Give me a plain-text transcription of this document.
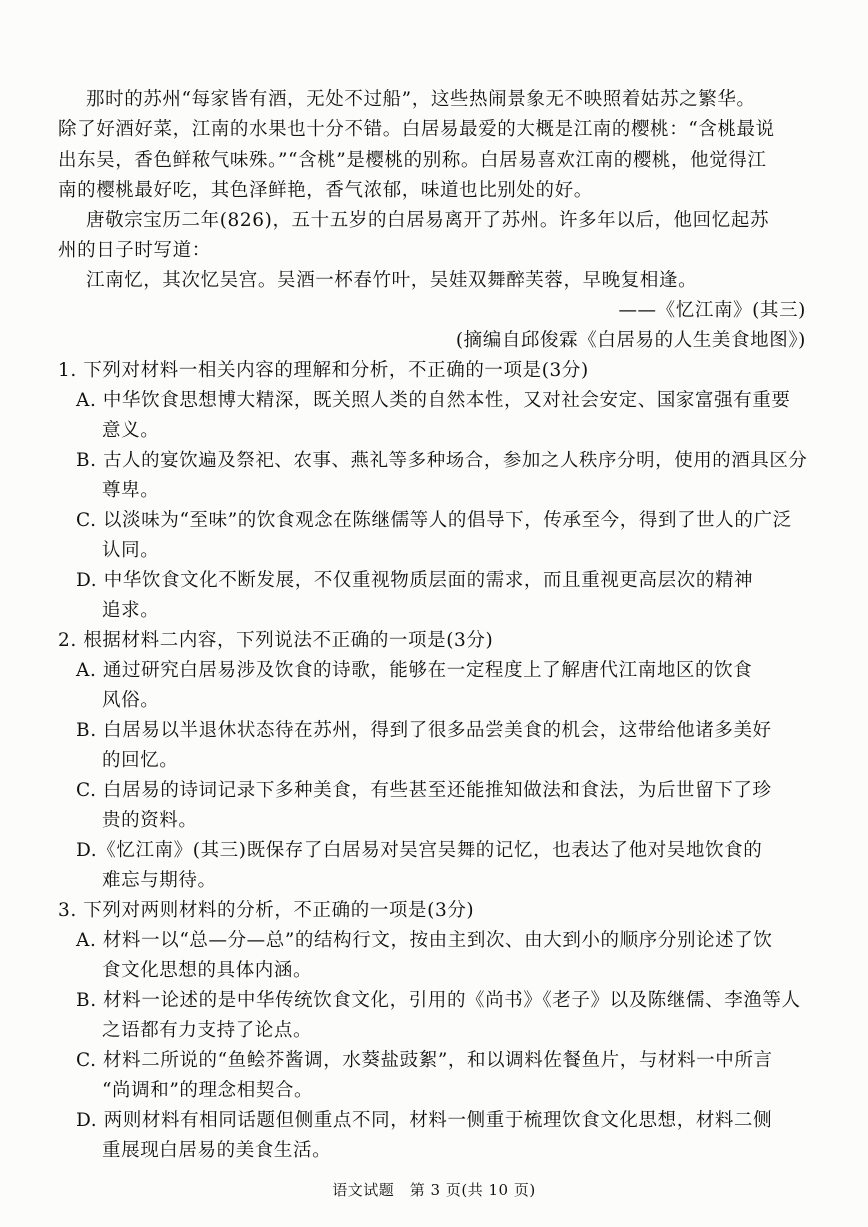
那时的苏州“每家皆有酒，无处不过船”，这些热闹景象无不映照着姑苏之繁华。
除了好酒好菜，江南的水果也十分不错。白居易最爱的大概是江南的樱桃：“含桃最说
出东吴，香色鲜秾气味殊。”“含桃”是樱桃的别称。白居易喜欢江南的樱桃，他觉得江
南的樱桃最好吃，其色泽鲜艳，香气浓郁，味道也比别处的好。
唐敬宗宝历二年(826)，五十五岁的白居易离开了苏州。许多年以后，他回忆起苏
州的日子时写道：
江南忆，其次忆吴宫。吴酒一杯春竹叶，吴娃双舞醉芙蓉，早晚复相逢。
——《忆江南》(其三)
(摘编自邱俊霖《白居易的人生美食地图》)
1. 下列对材料一相关内容的理解和分析，不正确的一项是(3分)
A. 中华饮食思想博大精深，既关照人类的自然本性，又对社会安定、国家富强有重要
意义。
B. 古人的宴饮遍及祭祀、农事、燕礼等多种场合，参加之人秩序分明，使用的酒具区分
尊卑。
C. 以淡味为“至味”的饮食观念在陈继儒等人的倡导下，传承至今，得到了世人的广泛
认同。
D. 中华饮食文化不断发展，不仅重视物质层面的需求，而且重视更高层次的精神
追求。
2. 根据材料二内容，下列说法不正确的一项是(3分)
A. 通过研究白居易涉及饮食的诗歌，能够在一定程度上了解唐代江南地区的饮食
风俗。
B. 白居易以半退休状态待在苏州，得到了很多品尝美食的机会，这带给他诸多美好
的回忆。
C. 白居易的诗词记录下多种美食，有些甚至还能推知做法和食法，为后世留下了珍
贵的资料。
D.《忆江南》(其三)既保存了白居易对吴宫吴舞的记忆，也表达了他对吴地饮食的
难忘与期待。
3. 下列对两则材料的分析，不正确的一项是(3分)
A. 材料一以“总—分—总”的结构行文，按由主到次、由大到小的顺序分别论述了饮
食文化思想的具体内涵。
B. 材料一论述的是中华传统饮食文化，引用的《尚书》《老子》以及陈继儒、李渔等人
之语都有力支持了论点。
C. 材料二所说的“鱼鲙芥酱调，水葵盐豉絮”，和以调料佐餐鱼片，与材料一中所言
“尚调和”的理念相契合。
D. 两则材料有相同话题但侧重点不同，材料一侧重于梳理饮食文化思想，材料二侧
重展现白居易的美食生活。
语文试题　第 3 页(共 10 页)
